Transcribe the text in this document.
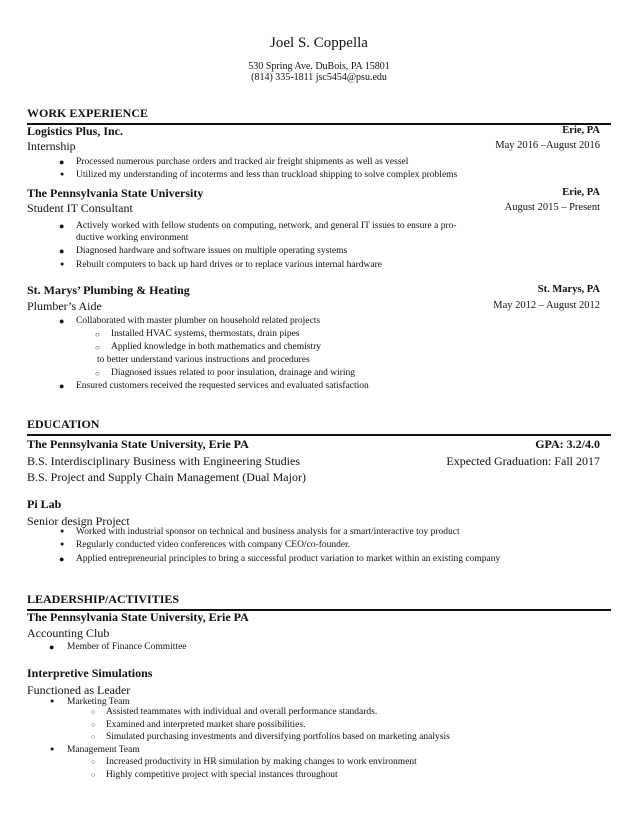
Joel S. Coppella
530 Spring Ave. DuBois, PA 15801
(814) 335-1811 jsc5454@psu.edu
WORK EXPERIENCE
Logistics Plus, Inc.	Erie, PA
Internship	May 2016 –August 2016
● Processed numerous purchase orders and tracked air freight shipments as well as vessel
● Utilized my understanding of incoterms and less than truckload shipping to solve complex problems
The Pennsylvania State University	Erie, PA
Student IT Consultant	August 2015 – Present
● Actively worked with fellow students on computing, network, and general IT issues to ensure a pro-
ductive working environment
● Diagnosed hardware and software issues on multiple operating systems
● Rebuilt computers to back up hard drives or to replace various internal hardware
St. Marys’ Plumbing & Heating	St. Marys, PA
Plumber’s Aide	May 2012 – August 2012
● Collaborated with master plumber on household related projects
○ Installed HVAC systems, thermostats, drain pipes
○ Applied knowledge in both mathematics and chemistry
to better understand various instructions and procedures
○ Diagnosed issues related to poor insulation, drainage and wiring
● Ensured customers received the requested services and evaluated satisfaction
EDUCATION
The Pennsylvania State University, Erie PA	GPA: 3.2/4.0
B.S. Interdisciplinary Business with Engineering Studies	Expected Graduation: Fall 2017
B.S. Project and Supply Chain Management (Dual Major)
Pi Lab
Senior design Project
● Worked with industrial sponsor on technical and business analysis for a smart/interactive toy product
● Regularly conducted video conferences with company CEO/co-founder.
● Applied entrepreneurial principles to bring a successful product variation to market within an existing company
LEADERSHIP/ACTIVITIES
The Pennsylvania State University, Erie PA
Accounting Club
● Member of Finance Committee
Interpretive Simulations
Functioned as Leader
● Marketing Team
○ Assisted teammates with individual and overall performance standards.
○ Examined and interpreted market share possibilities.
○ Simulated purchasing investments and diversifying portfolios based on marketing analysis
● Management Team
○ Increased productivity in HR simulation by making changes to work environment
○ Highly competitive project with special instances throughout
